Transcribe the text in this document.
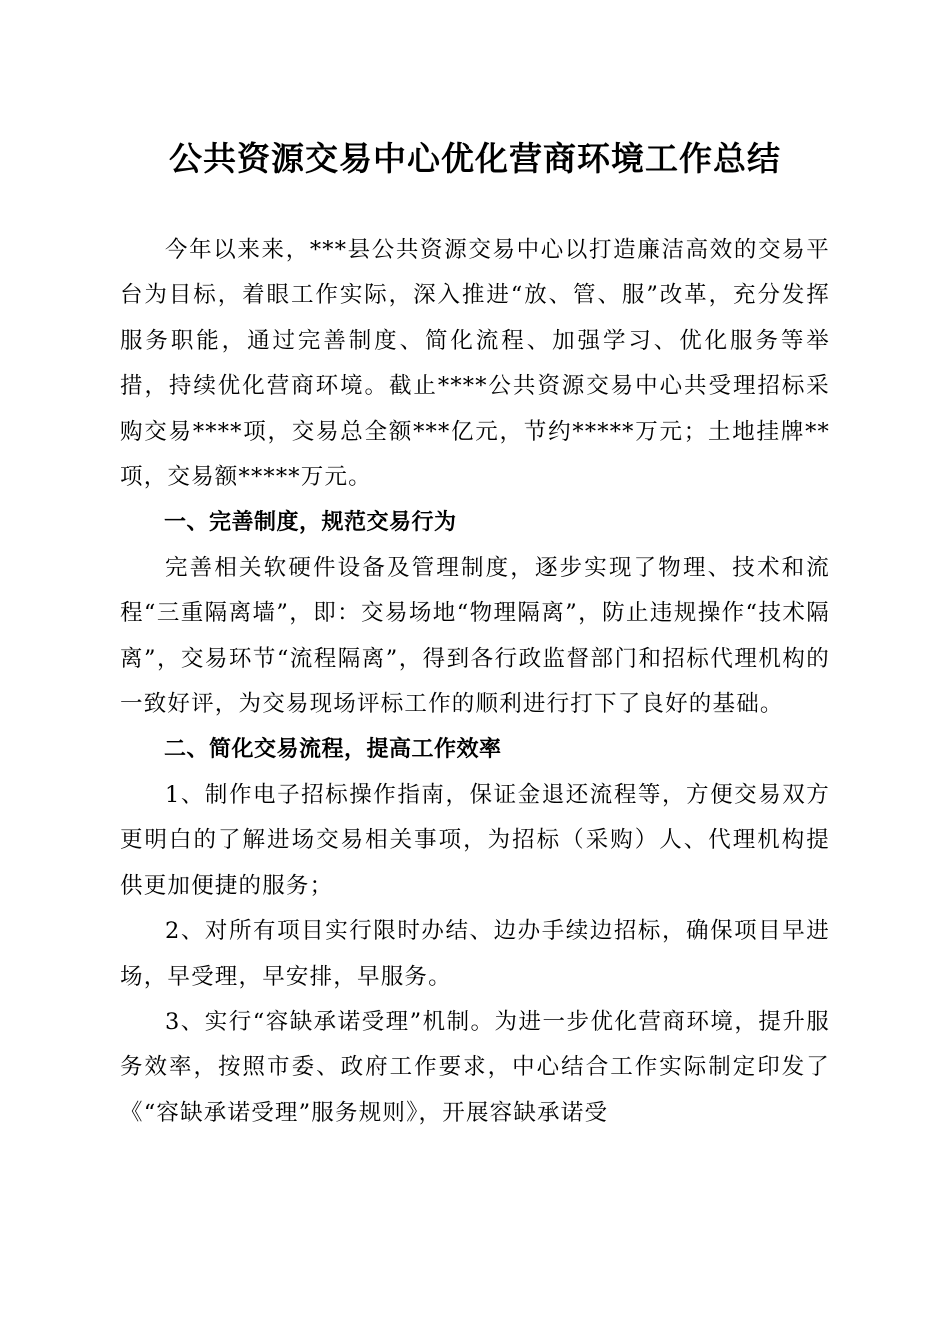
公共资源交易中心优化营商环境工作总结

今年以来来，***县公共资源交易中心以打造廉洁高效的交易平台为目标，着眼工作实际，深入推进“放、管、服”改革，充分发挥服务职能，通过完善制度、简化流程、加强学习、优化服务等举措，持续优化营商环境。截止****公共资源交易中心共受理招标采购交易****项，交易总全额***亿元，节约*****万元；土地挂牌**项，交易额*****万元。

一、完善制度，规范交易行为

完善相关软硬件设备及管理制度，逐步实现了物理、技术和流程“三重隔离墙”，即：交易场地“物理隔离”，防止违规操作“技术隔离”，交易环节“流程隔离”，得到各行政监督部门和招标代理机构的一致好评，为交易现场评标工作的顺利进行打下了良好的基础。

二、简化交易流程，提高工作效率

1、制作电子招标操作指南，保证金退还流程等，方便交易双方更明白的了解进场交易相关事项，为招标（采购）人、代理机构提供更加便捷的服务；

2、对所有项目实行限时办结、边办手续边招标，确保项目早进场，早受理，早安排，早服务。

3、实行“容缺承诺受理”机制。为进一步优化营商环境，提升服务效率，按照市委、政府工作要求，中心结合工作实际制定印发了《“容缺承诺受理”服务规则》，开展容缺承诺受
